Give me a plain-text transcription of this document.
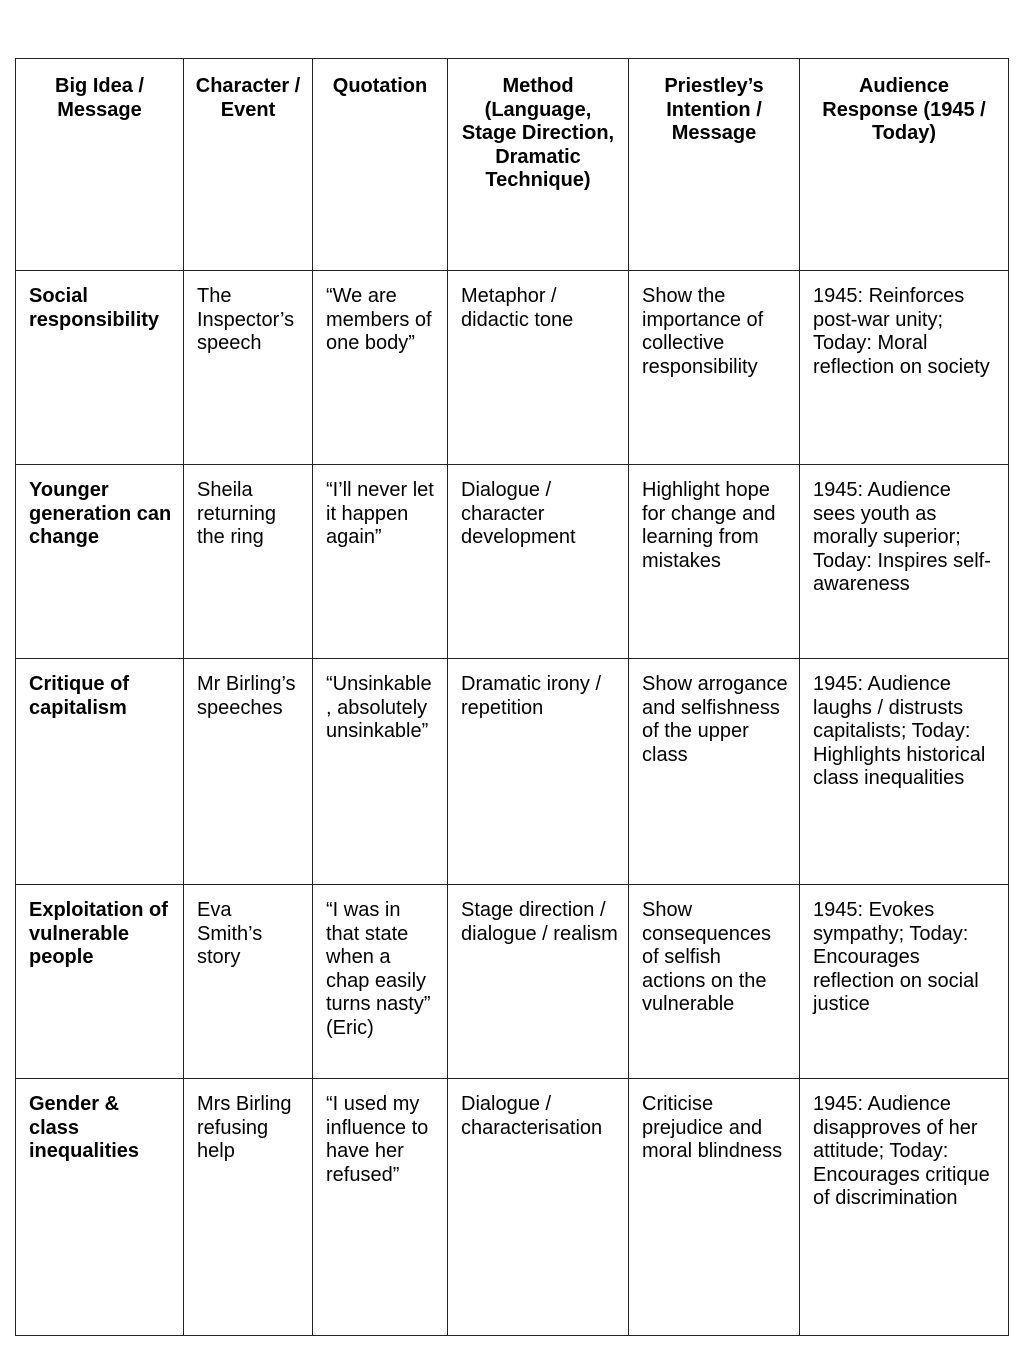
Big Idea / Message	Character / Event	Quotation	Method (Language, Stage Direction, Dramatic Technique)	Priestley’s Intention / Message	Audience Response (1945 / Today)

Social responsibility	The Inspector’s speech	“We are members of one body”	Metaphor / didactic tone	Show the importance of collective responsibility	1945: Reinforces post-war unity; Today: Moral reflection on society

Younger generation can change	Sheila returning the ring	“I’ll never let it happen again”	Dialogue / character development	Highlight hope for change and learning from mistakes	1945: Audience sees youth as morally superior; Today: Inspires self-awareness

Critique of capitalism	Mr Birling’s speeches	“Unsinkable, absolutely unsinkable”	Dramatic irony / repetition	Show arrogance and selfishness of the upper class	1945: Audience laughs / distrusts capitalists; Today: Highlights historical class inequalities

Exploitation of vulnerable people	Eva Smith’s story	“I was in that state when a chap easily turns nasty” (Eric)	Stage direction / dialogue / realism	Show consequences of selfish actions on the vulnerable	1945: Evokes sympathy; Today: Encourages reflection on social justice

Gender & class inequalities	Mrs Birling refusing help	“I used my influence to have her refused”	Dialogue / characterisation	Criticise prejudice and moral blindness	1945: Audience disapproves of her attitude; Today: Encourages critique of discrimination
